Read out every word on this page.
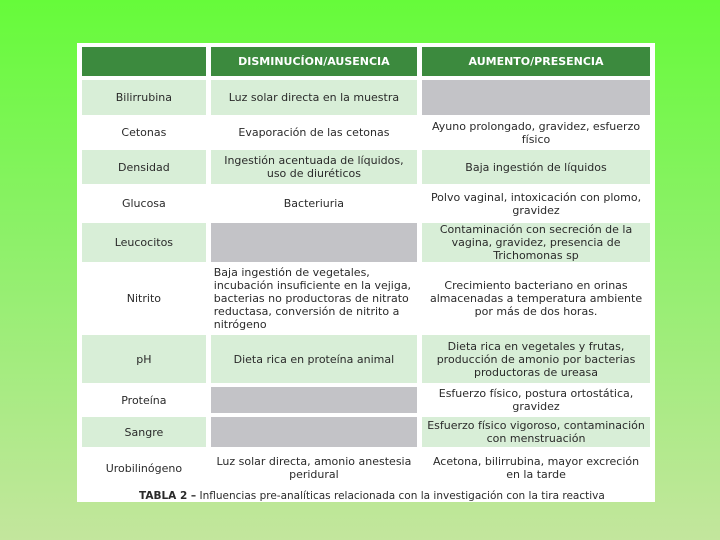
	DISMINUCÍON/AUSENCIA	AUMENTO/PRESENCIA
Bilirrubina	Luz solar directa en la muestra	
Cetonas	Evaporación de las cetonas	Ayuno prolongado, gravidez, esfuerzo físico
Densidad	Ingestión acentuada de líquidos, uso de diuréticos	Baja ingestión de líquidos
Glucosa	Bacteriuria	Polvo vaginal, intoxicación con plomo, gravidez
Leucocitos		Contaminación con secreción de la vagina, gravidez, presencia de Trichomonas sp
Nitrito	Baja ingestión de vegetales, incubación insuficiente en la vejiga, bacterias no productoras de nitrato reductasa, conversión de nitrito a nitrógeno	Crecimiento bacteriano en orinas almacenadas a temperatura ambiente por más de dos horas.
pH	Dieta rica en proteína animal	Dieta rica en vegetales y frutas, producción de amonio por bacterias productoras de ureasa
Proteína		Esfuerzo físico, postura ortostática, gravidez
Sangre		Esfuerzo físico vigoroso, contaminación con menstruación
Urobilinógeno	Luz solar directa, amonio anestesia peridural	Acetona, bilirrubina, mayor excreción en la tarde
TABLA 2 – Influencias pre-analíticas relacionada con la investigación con la tira reactiva
